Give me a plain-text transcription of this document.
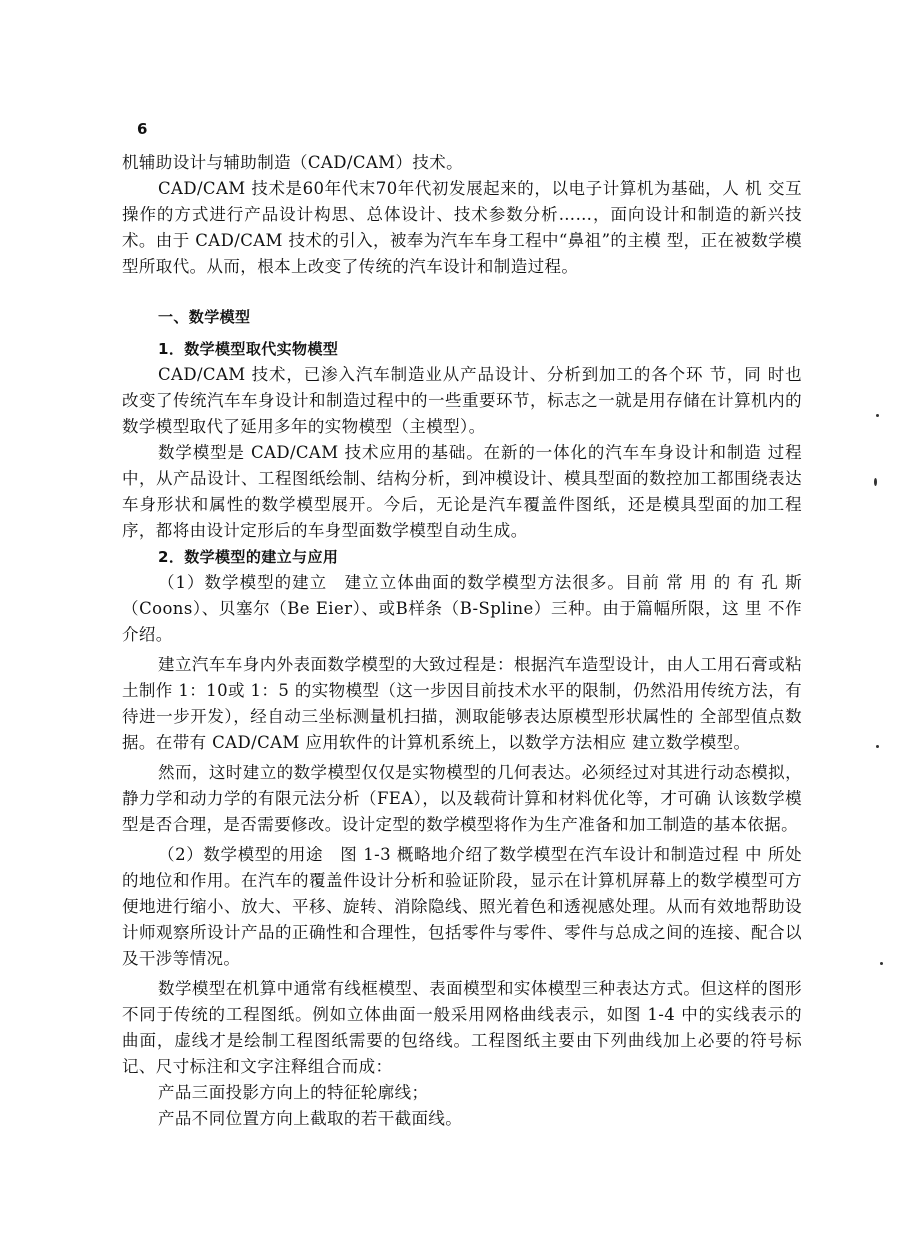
6

机辅助设计与辅助制造（CAD/CAM）技术。

CAD/CAM 技术是60年代末70年代初发展起来的，以电子计算机为基础，人 机 交互操作的方式进行产品设计构思、总体设计、技术参数分析……，面向设计和制造的新兴技术。由于 CAD/CAM 技术的引入，被奉为汽车车身工程中“鼻祖”的主模 型，正在被数学模型所取代。从而，根本上改变了传统的汽车设计和制造过程。

一、数学模型

1．数学模型取代实物模型

CAD/CAM 技术，已渗入汽车制造业从产品设计、分析到加工的各个环 节，同 时也改变了传统汽车车身设计和制造过程中的一些重要环节，标志之一就是用存储在计算机内的数学模型取代了延用多年的实物模型（主模型）。

数学模型是 CAD/CAM 技术应用的基础。在新的一体化的汽车车身设计和制造 过程中，从产品设计、工程图纸绘制、结构分析，到冲模设计、模具型面的数控加工都围绕表达车身形状和属性的数学模型展开。今后，无论是汽车覆盖件图纸，还是模具型面的加工程序，都将由设计定形后的车身型面数学模型自动生成。

2．数学模型的建立与应用

（1）数学模型的建立　建立立体曲面的数学模型方法很多。目前 常 用 的 有 孔 斯（Coons）、贝塞尔（Be Eier）、或B样条（B-Spline）三种。由于篇幅所限，这 里 不作介绍。

建立汽车车身内外表面数学模型的大致过程是：根据汽车造型设计，由人工用石膏或粘土制作 1：10或 1：5 的实物模型（这一步因目前技术水平的限制，仍然沿用传统方法，有待进一步开发），经自动三坐标测量机扫描，测取能够表达原模型形状属性的 全部型值点数据。在带有 CAD/CAM 应用软件的计算机系统上，以数学方法相应 建立数学模型。

然而，这时建立的数学模型仅仅是实物模型的几何表达。必须经过对其进行动态模拟，静力学和动力学的有限元法分析（FEA），以及载荷计算和材料优化等，才可确 认该数学模型是否合理，是否需要修改。设计定型的数学模型将作为生产准备和加工制造的基本依据。

（2）数学模型的用途　图 1-3 概略地介绍了数学模型在汽车设计和制造过程 中 所处的地位和作用。在汽车的覆盖件设计分析和验证阶段，显示在计算机屏幕上的数学模型可方便地进行缩小、放大、平移、旋转、消除隐线、照光着色和透视感处理。从而有效地帮助设计师观察所设计产品的正确性和合理性，包括零件与零件、零件与总成之间的连接、配合以及干涉等情况。

数学模型在机算中通常有线框模型、表面模型和实体模型三种表达方式。但这样的图形不同于传统的工程图纸。例如立体曲面一般采用网格曲线表示，如图 1-4 中的实线表示的曲面，虚线才是绘制工程图纸需要的包络线。工程图纸主要由下列曲线加上必要的符号标记、尺寸标注和文字注释组合而成：

产品三面投影方向上的特征轮廓线；

产品不同位置方向上截取的若干截面线。
